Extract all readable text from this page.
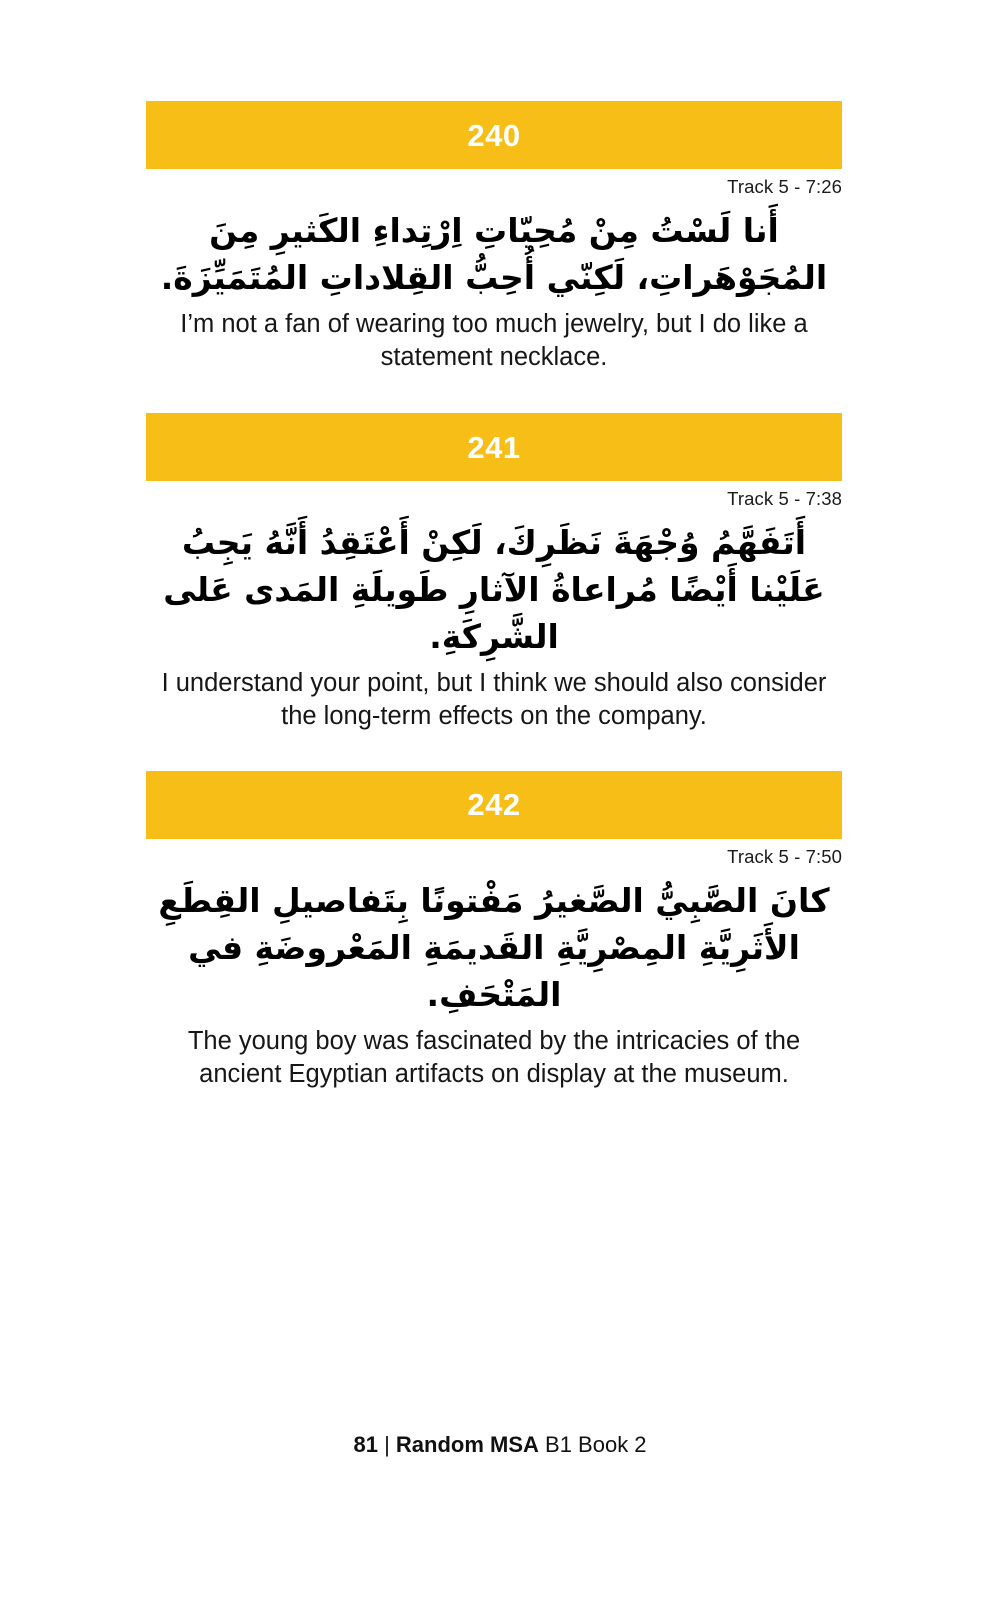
240
Track 5 - 7:26
أَنا لَسْتُ مِنْ مُحِبّاتِ اِرْتِداءِ الكَثيرِ مِنَ المُجَوْهَراتِ، لَكِنّي أُحِبُّ القِلاداتِ المُتَمَيِّزَةَ.
I’m not a fan of wearing too much jewelry, but I do like a statement necklace.
241
Track 5 - 7:38
أَتَفَهَّمُ وُجْهَةَ نَظَرِكَ، لَكِنْ أَعْتَقِدُ أَنَّهُ يَجِبُ عَلَيْنا أَيْضًا مُراعاةُ الآثارِ طَويلَةِ المَدى عَلى الشَّرِكَةِ.
I understand your point, but I think we should also consider the long-term effects on the company.
242
Track 5 - 7:50
كانَ الصَّبِيُّ الصَّغيرُ مَفْتونًا بِتَفاصيلِ القِطَعِ الأَثَرِيَّةِ المِصْرِيَّةِ القَديمَةِ المَعْروضَةِ في المَتْحَفِ.
The young boy was fascinated by the intricacies of the ancient Egyptian artifacts on display at the museum.
81 | Random MSA B1 Book 2
